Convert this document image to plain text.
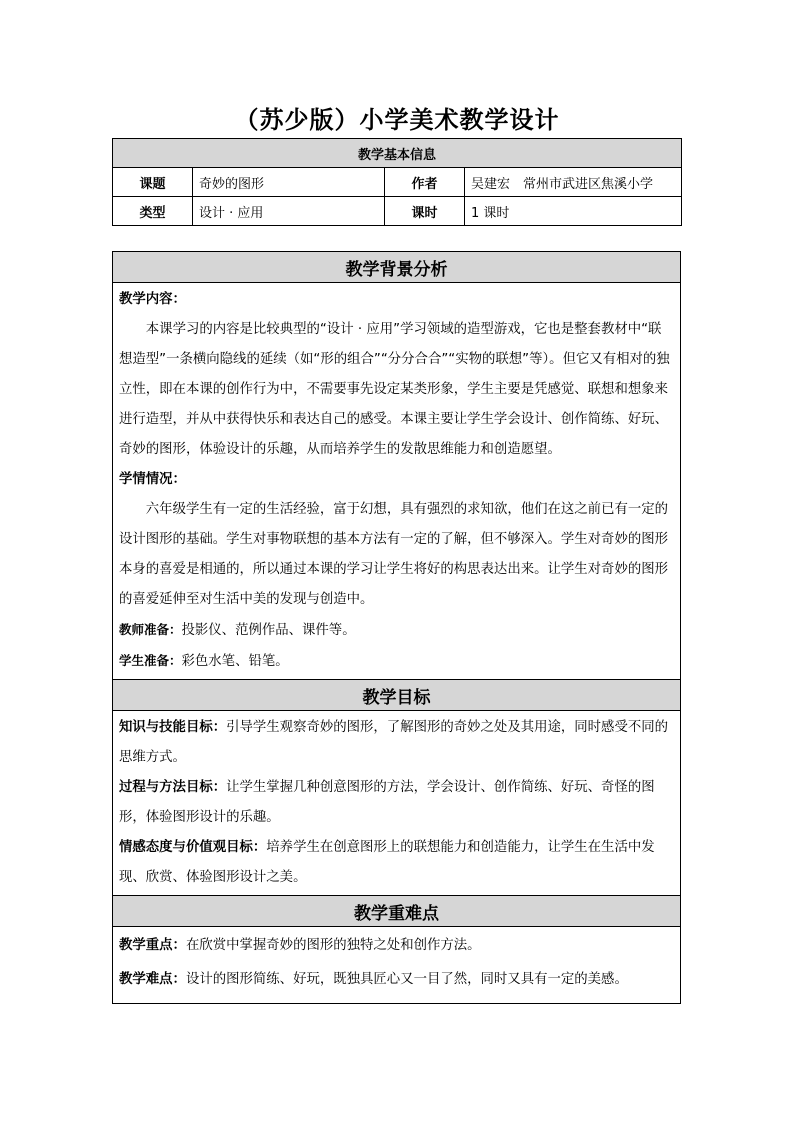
（苏少版）小学美术教学设计
教学基本信息			
课题	奇妙的图形	作者	吴建宏　常州市武进区焦溪小学
类型	设计 · 应用	课时	1 课时
教学背景分析

教学内容：

本课学习的内容是比较典型的“设计 · 应用”学习领域的造型游戏，它也是整套教材中“联想造型”一条横向隐线的延续（如“形的组合”“分分合合”“实物的联想”等）。但它又有相对的独立性，即在本课的创作行为中，不需要事先设定某类形象，学生主要是凭感觉、联想和想象来进行造型，并从中获得快乐和表达自己的感受。本课主要让学生学会设计、创作简练、好玩、奇妙的图形，体验设计的乐趣，从而培养学生的发散思维能力和创造愿望。

学情情况：

六年级学生有一定的生活经验，富于幻想，具有强烈的求知欲，他们在这之前已有一定的设计图形的基础。学生对事物联想的基本方法有一定的了解，但不够深入。学生对奇妙的图形本身的喜爱是相通的，所以通过本课的学习让学生将好的构思表达出来。让学生对奇妙的图形的喜爱延伸至对生活中美的发现与创造中。

教师准备：投影仪、范例作品、课件等。

学生准备：彩色水笔、铅笔。

教学目标

知识与技能目标：引导学生观察奇妙的图形，了解图形的奇妙之处及其用途，同时感受不同的思维方式。

过程与方法目标：让学生掌握几种创意图形的方法，学会设计、创作简练、好玩、奇怪的图形，体验图形设计的乐趣。

情感态度与价值观目标：培养学生在创意图形上的联想能力和创造能力，让学生在生活中发现、欣赏、体验图形设计之美。

教学重难点

教学重点：在欣赏中掌握奇妙的图形的独特之处和创作方法。

教学难点：设计的图形简练、好玩，既独具匠心又一目了然，同时又具有一定的美感。
